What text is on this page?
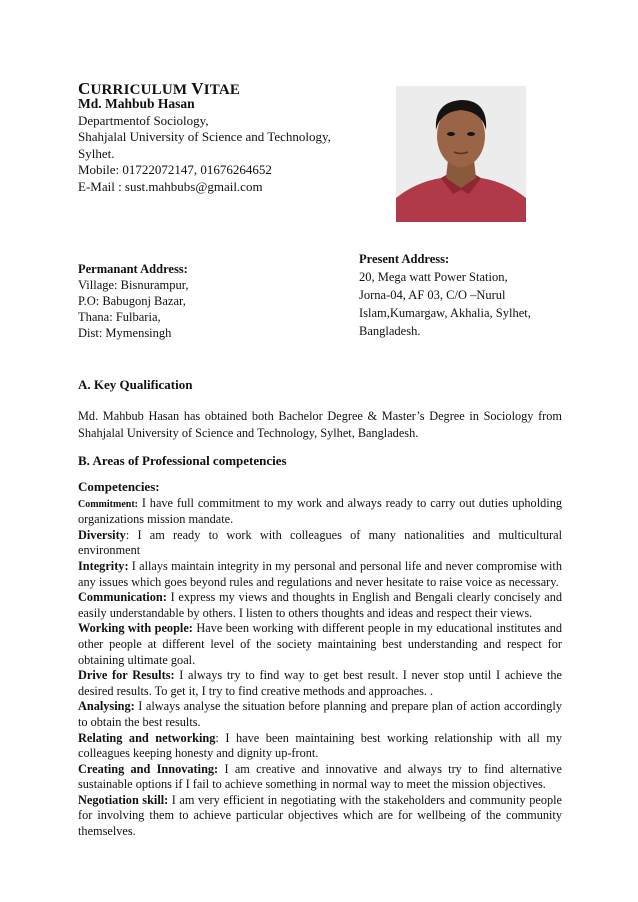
CURRICULUM VITAE
Md. Mahbub Hasan
Departmentof Sociology,
Shahjalal University of Science and Technology,
Sylhet.
Mobile: 01722072147, 01676264652
E-Mail : sust.mahbubs@gmail.com
Permanant Address:
Village: Bisnurampur,
P.O: Babugonj Bazar,
Thana: Fulbaria,
Dist: Mymensingh
Present Address:
20, Mega watt Power Station,
Jorna-04, AF 03, C/O –Nurul
Islam,Kumargaw, Akhalia, Sylhet,
Bangladesh.
A. Key Qualification
Md. Mahbub Hasan has obtained both Bachelor Degree & Master’s Degree in Sociology from Shahjalal University of Science and Technology, Sylhet, Bangladesh.
B. Areas of Professional competencies
Competencies:

Commitment: I have full commitment to my work and always ready to carry out duties upholding organizations mission mandate.

Diversity: I am ready to work with colleagues of many nationalities and multicultural environment

Integrity: I allays maintain integrity in my personal and personal life and never compromise with any issues which goes beyond rules and regulations and never hesitate to raise voice as necessary.

Communication: I express my views and thoughts in English and Bengali clearly concisely and easily understandable by others. I listen to others thoughts and ideas and respect their views.

Working with people: Have been working with different people in my educational institutes and other people at different level of the society maintaining best understanding and respect for obtaining ultimate goal.

Drive for Results: I always try to find way to get best result. I never stop until I achieve the desired results. To get it, I try to find creative methods and approaches. .

Analysing: I always analyse the situation before planning and prepare plan of action accordingly to obtain the best results.

Relating and networking: I have been maintaining best working relationship with all my colleagues keeping honesty and dignity up-front.

Creating and Innovating: I am creative and innovative and always try to find alternative sustainable options if I fail to achieve something in normal way to meet the mission objectives.

Negotiation skill: I am very efficient in negotiating with the stakeholders and community people for involving them to achieve particular objectives which are for wellbeing of the community themselves.
